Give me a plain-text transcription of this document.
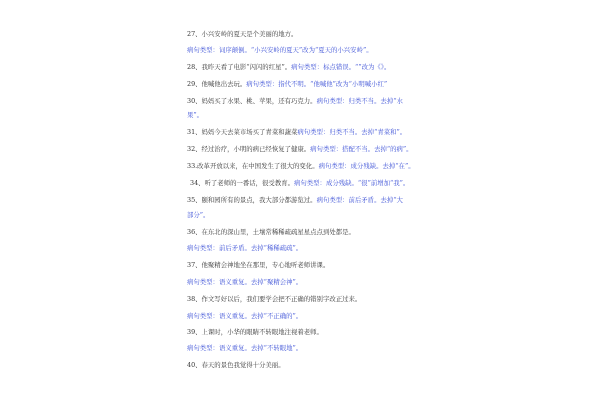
27、小兴安岭的夏天是个美丽的地方。
病句类型：词序颠倒。“小兴安岭的夏天”改为“夏天的小兴安岭”。
28、我昨天看了电影“闪闪的红星”。病句类型：标点错误。“”改为《》。
29、他喊他出去玩。病句类型：指代不明。“他喊他”改为“小明喊小红”
30、妈妈买了水果、桃、苹果，还有巧克力。病句类型：归类不当。去掉“水
果”。
31、妈妈今天去菜市场买了青菜和蔬菜病句类型：归类不当。去掉“青菜和”。
32、经过治疗，小明的病已经恢复了健康。病句类型：搭配不当。去掉“的病”。
33.改革开放以来，在中国发生了很大的变化。病句类型：成分残缺。去掉“在”。
34、听了老师的一番话，很受教育。病句类型：成分残缺。“很”前增加“我”。
35、颐和园所有的景点，我大部分都游览过。病句类型：前后矛盾。去掉“大
部分”。
36、在东北的深山里，土壤常稀稀疏疏星星点点到处都是。
病句类型：前后矛盾。去掉“稀稀疏疏”。
37、他聚精会神地坐在那里，专心地听老师讲课。
病句类型：语义重复。去掉“聚精会神”。
38、作文写好以后，我们要学会把不正确的错别字改正过来。
病句类型：语义重复。去掉“不正确的”。
39、上课时，小华的眼睛不转眼地注视着老师。
病句类型：语义重复。去掉“不转眼地”。
40、春天的景色我觉得十分美丽。
